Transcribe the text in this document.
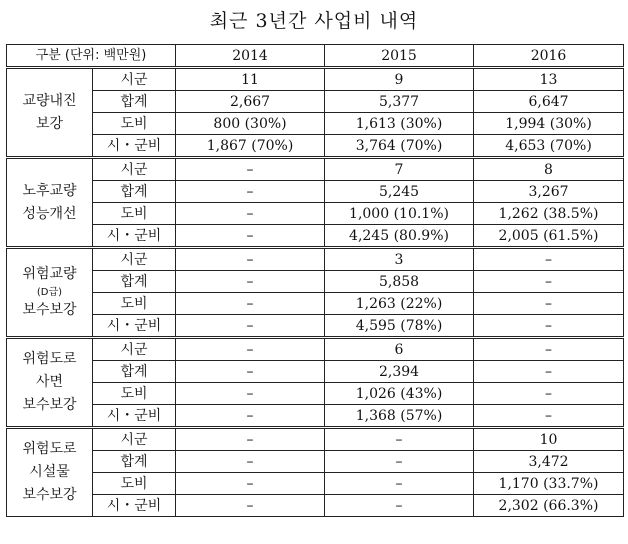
최근 3년간 사업비 내역
구분 (단위: 백만원)		2014	2015	2016

교량내진
보강	시군	11	9	13
	합계	2,667	5,377	6,647
	도비	800 (30%)	1,613 (30%)	1,994 (30%)
	시・군비	1,867 (70%)	3,764 (70%)	4,653 (70%)

노후교량
성능개선	시군	–	7	8
	합계	–	5,245	3,267
	도비	–	1,000 (10.1%)	1,262 (38.5%)
	시・군비	–	4,245 (80.9%)	2,005 (61.5%)

위험교량
(D급)
보수보강	시군	–	3	–
	합계	–	5,858	–
	도비	–	1,263 (22%)	–
	시・군비	–	4,595 (78%)	–

위험도로
사면
보수보강	시군	–	6	–
	합계	–	2,394	–
	도비	–	1,026 (43%)	–
	시・군비	–	1,368 (57%)	–

위험도로
시설물
보수보강	시군	–	–	10
	합계	–	–	3,472
	도비	–	–	1,170 (33.7%)
	시・군비	–	–	2,302 (66.3%)
